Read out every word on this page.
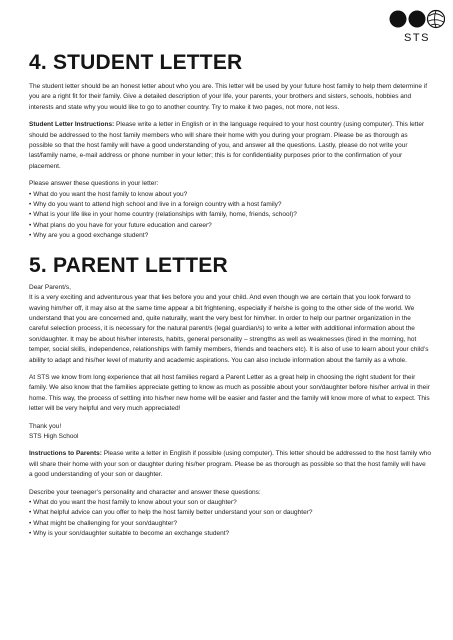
STS
4. STUDENT LETTER

The student letter should be an honest letter about who you are. This letter will be used by your future host family to help them determine if you are a right fit for their family. Give a detailed description of your life, your parents, your brothers and sisters, schools, hobbies and interests and state why you would like to go to another country. Try to make it two pages, not more, not less.

Student Letter Instructions: Please write a letter in English or in the language required to your host country (using computer). This letter should be addressed to the host family members who will share their home with you during your program. Please be as thorough as possible so that the host family will have a good understanding of you, and answer all the questions. Lastly, please do not write your last/family name, e-mail address or phone number in your letter; this is for confidentiality purposes prior to the confirmation of your placement.

Please answer these questions in your letter:

• What do you want the host family to know about you?
• Why do you want to attend high school and live in a foreign country with a host family?
• What is your life like in your home country (relationships with family, home, friends, school)?
• What plans do you have for your future education and career?
• Why are you a good exchange student?
5. PARENT LETTER

Dear Parent/s,

It is a very exciting and adventurous year that lies before you and your child. And even though we are certain that you look forward to waving him/her off, it may also at the same time appear a bit frightening, especially if he/she is going to the other side of the world. We understand that you are concerned and, quite naturally, want the very best for him/her. In order to help our partner organization in the careful selection process, it is necessary for the natural parent/s (legal guardian/s) to write a letter with additional information about the son/daughter. It may be about his/her interests, habits, general personality – strengths as well as weaknesses (tired in the morning, hot temper, social skills, independence, relationships with family members, friends and teachers etc). It is also of use to learn about your child’s ability to adapt and his/her level of maturity and academic aspirations. You can also include information about the family as a whole.

At STS we know from long experience that all host families regard a Parent Letter as a great help in choosing the right student for their family. We also know that the families appreciate getting to know as much as possible about your son/daughter before his/her arrival in their home. This way, the process of settling into his/her new home will be easier and faster and the family will know more of what to expect. This letter will be very helpful and very much appreciated!

Thank you!

STS High School

Instructions to Parents: Please write a letter in English if possible (using computer). This letter should be addressed to the host family who will share their home with your son or daughter during his/her program. Please be as thorough as possible so that the host family will have a good understanding of your son or daughter.

Describe your teenager’s personality and character and answer these questions:

• What do you want the host family to know about your son or daughter?
• What helpful advice can you offer to help the host family better understand your son or daughter?
• What might be challenging for your son/daughter?
• Why is your son/daughter suitable to become an exchange student?
